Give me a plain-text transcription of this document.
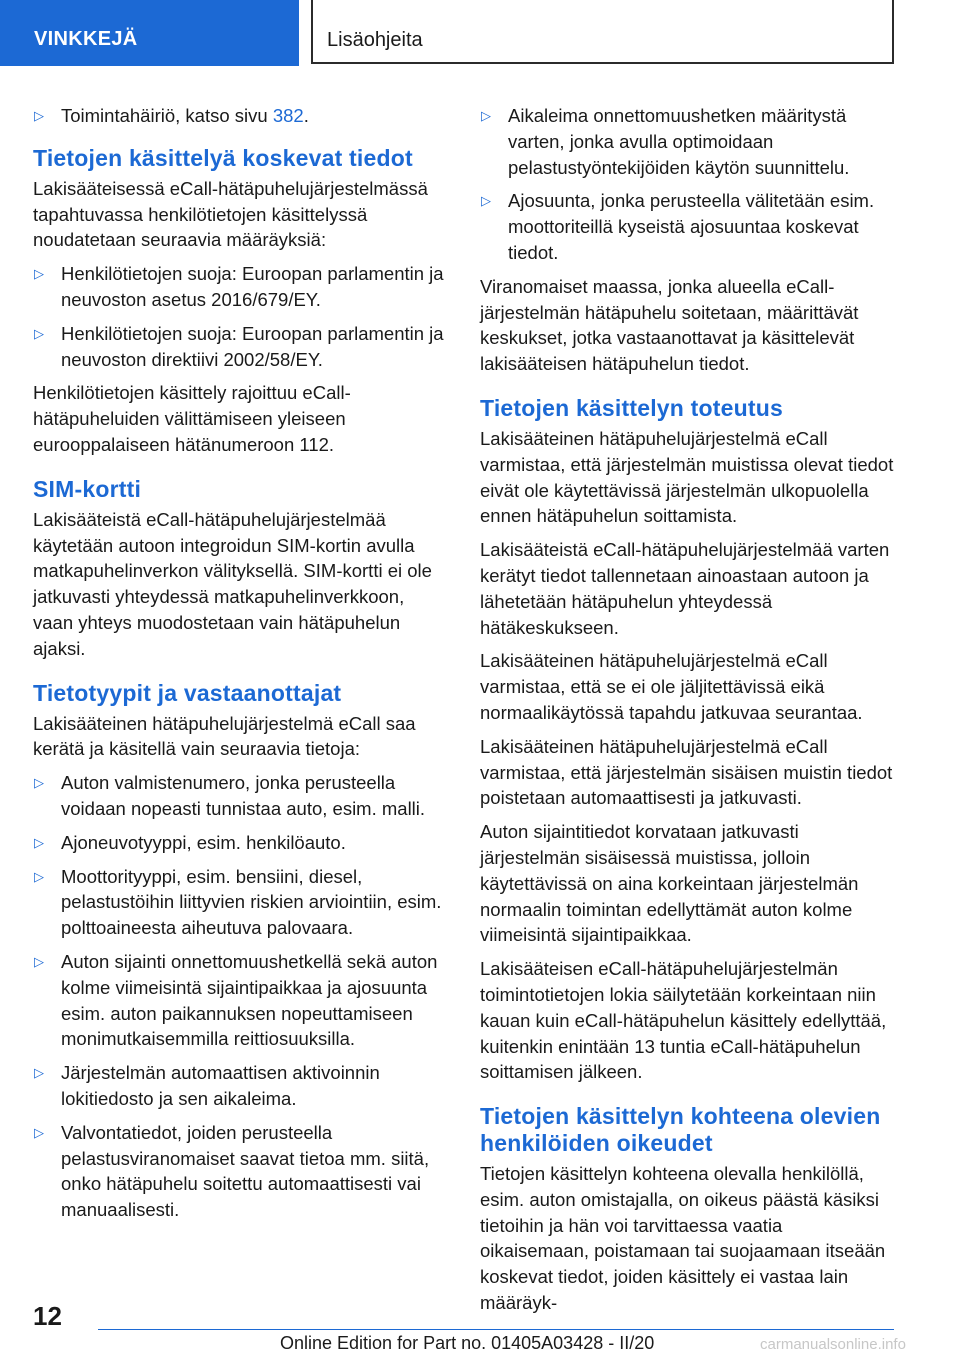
VINKKEJÄ	Lisäohjeita
▷ Toimintahäiriö, katso sivu 382.
Tietojen käsittelyä koskevat tiedot

Lakisääteisessä eCall-hätäpuhelujärjestelmässä tapahtuvassa henkilötietojen käsittelyssä noudatetaan seuraavia määräyksiä:

▷ Henkilötietojen suoja: Euroopan parlamentin ja neuvoston asetus 2016/679/EY.
▷ Henkilötietojen suoja: Euroopan parlamentin ja neuvoston direktiivi 2002/58/EY.

Henkilötietojen käsittely rajoittuu eCall-hätäpuheluiden välittämiseen yleiseen eurooppalaiseen hätänumeroon 112.

SIM-kortti

Lakisääteistä eCall-hätäpuhelujärjestelmää käytetään autoon integroidun SIM-kortin avulla matkapuhelinverkon välityksellä. SIM-kortti ei ole jatkuvasti yhteydessä matkapuhelinverkkoon, vaan yhteys muodostetaan vain hätäpuhelun ajaksi.

Tietotyypit ja vastaanottajat

Lakisääteinen hätäpuhelujärjestelmä eCall saa kerätä ja käsitellä vain seuraavia tietoja:

▷ Auton valmistenumero, jonka perusteella voidaan nopeasti tunnistaa auto, esim. malli.
▷ Ajoneuvotyyppi, esim. henkilöauto.
▷ Moottorityyppi, esim. bensiini, diesel, pelastustöihin liittyvien riskien arviointiin, esim. polttoaineesta aiheutuva palovaara.
▷ Auton sijainti onnettomuushetkellä sekä auton kolme viimeisintä sijaintipaikkaa ja ajosuunta esim. auton paikannuksen nopeuttamiseen monimutkaisemmilla reittiosuuksilla.
▷ Järjestelmän automaattisen aktivoinnin lokitiedosto ja sen aikaleima.
▷ Valvontatiedot, joiden perusteella pelastusviranomaiset saavat tietoa mm. siitä, onko hätäpuhelu soitettu automaattisesti vai manuaalisesti.
▷ Aikaleima onnettomuushetken määritystä varten, jonka avulla optimoidaan pelastustyöntekijöiden käytön suunnittelu.
▷ Ajosuunta, jonka perusteella välitetään esim. moottoriteillä kyseistä ajosuuntaa koskevat tiedot.

Viranomaiset maassa, jonka alueella eCall-järjestelmän hätäpuhelu soitetaan, määrittävät keskukset, jotka vastaanottavat ja käsittelevät lakisääteisen hätäpuhelun tiedot.

Tietojen käsittelyn toteutus

Lakisääteinen hätäpuhelujärjestelmä eCall varmistaa, että järjestelmän muistissa olevat tiedot eivät ole käytettävissä järjestelmän ulkopuolella ennen hätäpuhelun soittamista.

Lakisääteistä eCall-hätäpuhelujärjestelmää varten kerätyt tiedot tallennetaan ainoastaan autoon ja lähetetään hätäpuhelun yhteydessä hätäkeskukseen.

Lakisääteinen hätäpuhelujärjestelmä eCall varmistaa, että se ei ole jäljitettävissä eikä normaalikäytössä tapahdu jatkuvaa seurantaa.

Lakisääteinen hätäpuhelujärjestelmä eCall varmistaa, että järjestelmän sisäisen muistin tiedot poistetaan automaattisesti ja jatkuvasti.

Auton sijaintitiedot korvataan jatkuvasti järjestelmän sisäisessä muistissa, jolloin käytettävissä on aina korkeintaan järjestelmän normaalin toimintan edellyttämät auton kolme viimeisintä sijaintipaikkaa.

Lakisääteisen eCall-hätäpuhelujärjestelmän toimintotietojen lokia säilytetään korkeintaan niin kauan kuin eCall-hätäpuhelun käsittely edellyttää, kuitenkin enintään 13 tuntia eCall-hätäpuhelun soittamisen jälkeen.

Tietojen käsittelyn kohteena olevien henkilöiden oikeudet

Tietojen käsittelyn kohteena olevalla henkilöllä, esim. auton omistajalla, on oikeus päästä käsiksi tietoihin ja hän voi tarvittaessa vaatia oikaisemaan, poistamaan tai suojaamaan itseään koskevat tiedot, joiden käsittely ei vastaa lain määräyk-

12
Online Edition for Part no. 01405A03428 - II/20	carmanualsonline.info
